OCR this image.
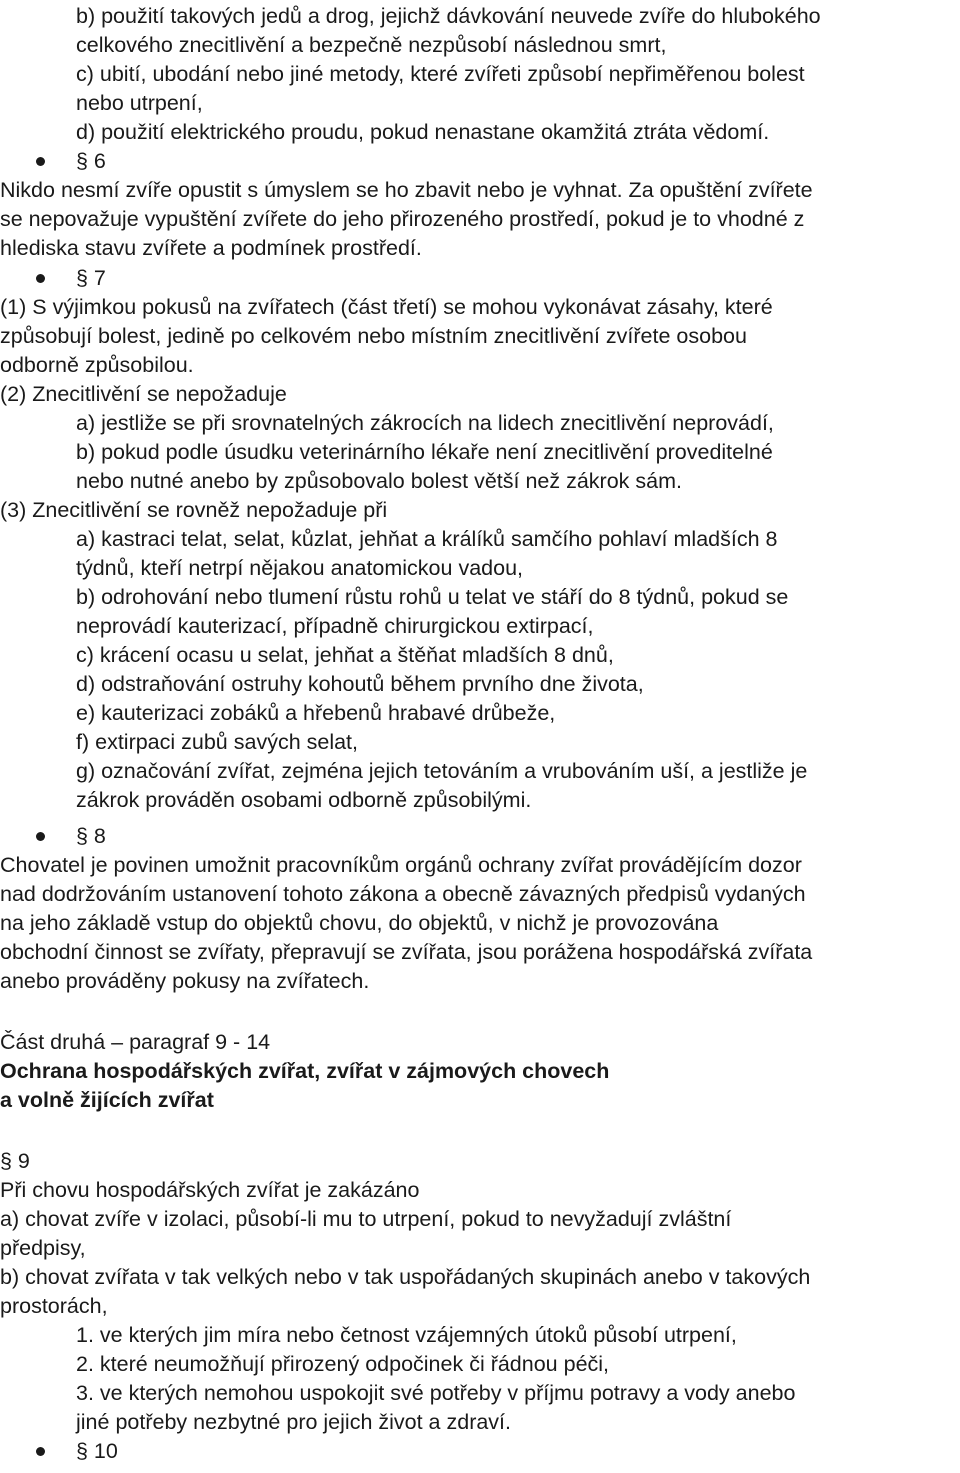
b) použití takových jedů a drog, jejichž dávkování neuvede zvíře do hlubokého
celkového znecitlivění a bezpečně nezpůsobí následnou smrt,
c) ubití, ubodání nebo jiné metody, které zvířeti způsobí nepřiměřenou bolest
nebo utrpení,
d) použití elektrického proudu, pokud nenastane okamžitá ztráta vědomí.
§ 6
Nikdo nesmí zvíře opustit s úmyslem se ho zbavit nebo je vyhnat. Za opuštění zvířete
se nepovažuje vypuštění zvířete do jeho přirozeného prostředí, pokud je to vhodné z
hlediska stavu zvířete a podmínek prostředí.
§ 7
(1) S výjimkou pokusů na zvířatech (část třetí) se mohou vykonávat zásahy, které
způsobují bolest, jedině po celkovém nebo místním znecitlivění zvířete osobou
odborně způsobilou.
(2) Znecitlivění se nepožaduje
a) jestliže se při srovnatelných zákrocích na lidech znecitlivění neprovádí,
b) pokud podle úsudku veterinárního lékaře není znecitlivění proveditelné
nebo nutné anebo by způsobovalo bolest větší než zákrok sám.
(3) Znecitlivění se rovněž nepožaduje při
a) kastraci telat, selat, kůzlat, jehňat a králíků samčího pohlaví mladších 8
týdnů, kteří netrpí nějakou anatomickou vadou,
b) odrohování nebo tlumení růstu rohů u telat ve stáří do 8 týdnů, pokud se
neprovádí kauterizací, případně chirurgickou extirpací,
c) krácení ocasu u selat, jehňat a štěňat mladších 8 dnů,
d) odstraňování ostruhy kohoutů během prvního dne života,
e) kauterizaci zobáků a hřebenů hrabavé drůbeže,
f) extirpaci zubů savých selat,
g) označování zvířat, zejména jejich tetováním a vrubováním uší, a jestliže je
zákrok prováděn osobami odborně způsobilými.
§ 8
Chovatel je povinen umožnit pracovníkům orgánů ochrany zvířat provádějícím dozor
nad dodržováním ustanovení tohoto zákona a obecně závazných předpisů vydaných
na jeho základě vstup do objektů chovu, do objektů, v nichž je provozována
obchodní činnost se zvířaty, přepravují se zvířata, jsou porážena hospodářská zvířata
anebo prováděny pokusy na zvířatech.
Část druhá – paragraf 9 - 14
Ochrana hospodářských zvířat, zvířat v zájmových chovech
a volně žijících zvířat
§ 9
Při chovu hospodářských zvířat je zakázáno
a) chovat zvíře v izolaci, působí-li mu to utrpení, pokud to nevyžadují zvláštní
předpisy,
b) chovat zvířata v tak velkých nebo v tak uspořádaných skupinách anebo v takových
prostorách,
1. ve kterých jim míra nebo četnost vzájemných útoků působí utrpení,
2. které neumožňují přirozený odpočinek či řádnou péči,
3. ve kterých nemohou uspokojit své potřeby v příjmu potravy a vody anebo
jiné potřeby nezbytné pro jejich život a zdraví.
§ 10
